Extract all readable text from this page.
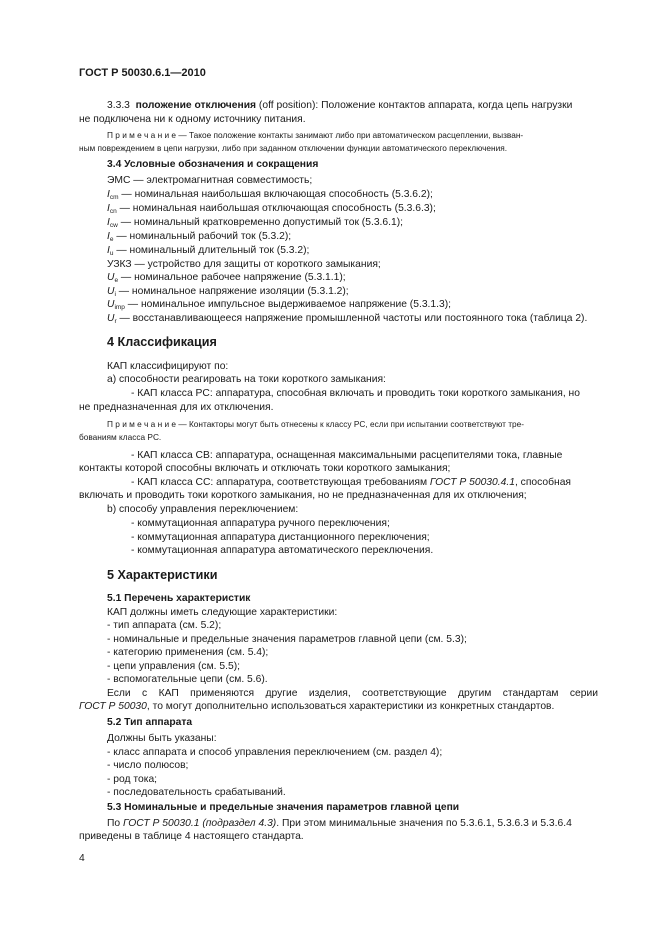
ГОСТ Р 50030.6.1—2010
3.3.3 положение отключения (off position): Положение контактов аппарата, когда цепь нагрузки
не подключена ни к одному источнику питания.
П р и м е ч а н и е — Такое положение контакты занимают либо при автоматическом расцеплении, вызван-
ным повреждением в цепи нагрузки, либо при заданном отключении функции автоматического переключения.
3.4 Условные обозначения и сокращения
ЭМС — электромагнитная совместимость;
$I_{cm}$ — номинальная наибольшая включающая способность (5.3.6.2);
$I_{cn}$ — номинальная наибольшая отключающая способность (5.3.6.3);
$I_{cw}$ — номинальный кратковременно допустимый ток (5.3.6.1);
$I_e$ — номинальный рабочий ток (5.3.2);
$I_u$ — номинальный длительный ток (5.3.2);
УЗКЗ — устройство для защиты от короткого замыкания;
$U_e$ — номинальное рабочее напряжение (5.3.1.1);
$U_i$ — номинальное напряжение изоляции (5.3.1.2);
$U_{imp}$ — номинальное импульсное выдерживаемое напряжение (5.3.1.3);
$U_r$ — восстанавливающееся напряжение промышленной частоты или постоянного тока (таблица 2).
4 Классификация
КАП классифицируют по:
а) способности реагировать на токи короткого замыкания:
- КАП класса PC: аппаратура, способная включать и проводить токи короткого замыкания, но
не предназначенная для их отключения.
П р и м е ч а н и е — Контакторы могут быть отнесены к классу PC, если при испытании соответствуют тре-
бованиям класса PC.
- КАП класса CB: аппаратура, оснащенная максимальными расцепителями тока, главные
контакты которой способны включать и отключать токи короткого замыкания;
- КАП класса CC: аппаратура, соответствующая требованиям ГОСТ Р 50030.4.1, способная
включать и проводить токи короткого замыкания, но не предназначенная для их отключения;
b) способу управления переключением:
- коммутационная аппаратура ручного переключения;
- коммутационная аппаратура дистанционного переключения;
- коммутационная аппаратура автоматического переключения.
5 Характеристики
5.1 Перечень характеристик
КАП должны иметь следующие характеристики:
- тип аппарата (см. 5.2);
- номинальные и предельные значения параметров главной цепи (см. 5.3);
- категорию применения (см. 5.4);
- цепи управления (см. 5.5);
- вспомогательные цепи (см. 5.6).
Если с КАП применяются другие изделия, соответствующие другим стандартам серии
ГОСТ Р 50030, то могут дополнительно использоваться характеристики из конкретных стандартов.
5.2 Тип аппарата
Должны быть указаны:
- класс аппарата и способ управления переключением (см. раздел 4);
- число полюсов;
- род тока;
- последовательность срабатываний.
5.3 Номинальные и предельные значения параметров главной цепи
По ГОСТ Р 50030.1 (подраздел 4.3). При этом минимальные значения по 5.3.6.1, 5.3.6.3 и 5.3.6.4
приведены в таблице 4 настоящего стандарта.
4
